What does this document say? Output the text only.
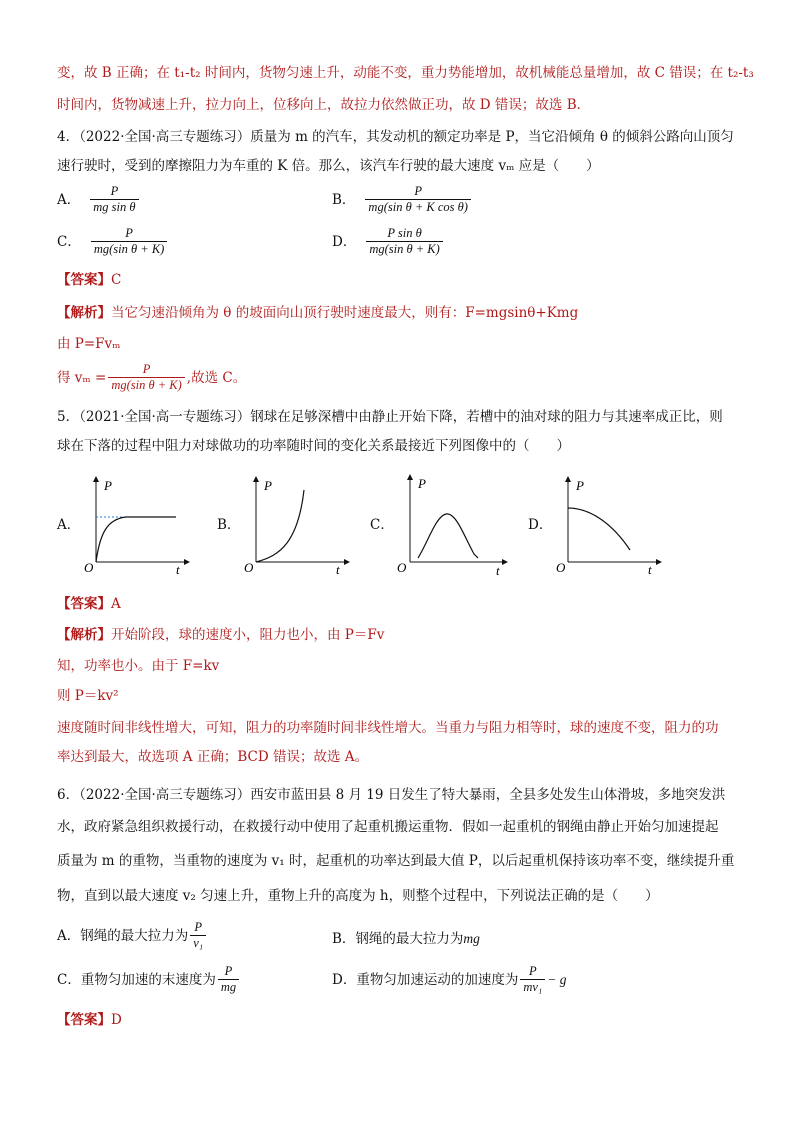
变，故 B 正确；在 t₁-t₂ 时间内，货物匀速上升，动能不变，重力势能增加，故机械能总量增加，故 C 错误；在 t₂-t₃
时间内，货物减速上升，拉力向上，位移向上，故拉力依然做正功，故 D 错误；故选 B．
4．（2022·全国·高三专题练习）质量为 m 的汽车，其发动机的额定功率是 P，当它沿倾角 θ 的倾斜公路向山顶匀
速行驶时，受到的摩擦阻力为车重的 K 倍。那么，该汽车行驶的最大速度 vₘ 应是（　　）
A． $\frac{P}{\text{mg sin θ}}$	B． $\frac{P}{\text{mg(sin θ + K cos θ)}}$
C． $\frac{P}{\text{mg(sin θ + K)}}$	D． $\frac{\text{P sin θ}}{\text{mg(sin θ + K)}}$
【答案】C
【解析】当它匀速沿倾角为 θ 的坡面向山顶行驶时速度最大，则有：F=mgsinθ+Kmg
由 P=Fvₘ
得 $v_m = \frac{P}{\text{mg(sin θ + K)}}$ ,故选 C。
5．（2021·全国·高一专题练习）钢球在足够深槽中由静止开始下降，若槽中的油对球的阻力与其速率成正比，则
球在下落的过程中阻力对球做功的功率随时间的变化关系最接近下列图像中的（　　）
A．
P
O	t
B．
P
O	t
C．
P
O	t
D．
P
O	t
【答案】A
【解析】开始阶段，球的速度小，阻力也小，由 P＝Fv
知，功率也小。由于 F=kv
则 P＝kv²
速度随时间非线性增大，可知，阻力的功率随时间非线性增大。当重力与阻力相等时，球的速度不变，阻力的功
率达到最大，故选项 A 正确；BCD 错误；故选 A。
6．（2022·全国·高三专题练习）西安市蓝田县 8 月 19 日发生了特大暴雨，全县多处发生山体滑坡，多地突发洪
水，政府紧急组织救援行动，在救援行动中使用了起重机搬运重物．假如一起重机的钢绳由静止开始匀加速提起
质量为 m 的重物，当重物的速度为 v₁ 时，起重机的功率达到最大值 P，以后起重机保持该功率不变，继续提升重
物，直到以最大速度 v₂ 匀速上升，重物上升的高度为 h，则整个过程中，下列说法正确的是（　　）
A．钢绳的最大拉力为 $\frac{P}{\text{v₁}}$	B．钢绳的最大拉力为 mg
C．重物匀加速的末速度为 $\frac{P}{mg}$	D．重物匀加速运动的加速度为 $\frac{P}{\text{mv₁}} - g$
【答案】D
